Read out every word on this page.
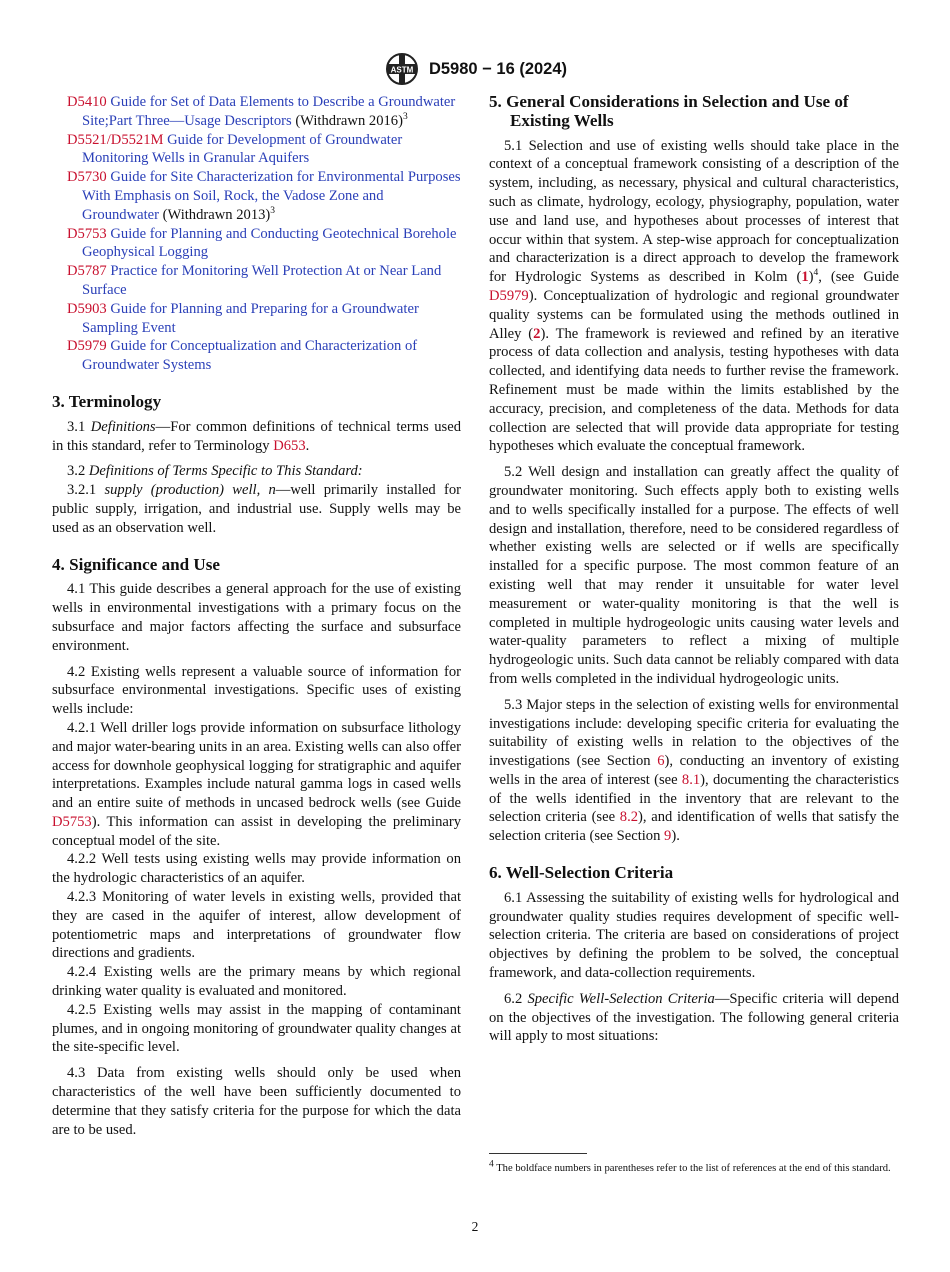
ASTM D5980 − 16 (2024)
D5410 Guide for Set of Data Elements to Describe a Groundwater Site;Part Three—Usage Descriptors (Withdrawn 2016)$^3$
D5521/D5521M Guide for Development of Groundwater Monitoring Wells in Granular Aquifers
D5730 Guide for Site Characterization for Environmental Purposes With Emphasis on Soil, Rock, the Vadose Zone and Groundwater (Withdrawn 2013)$^3$
D5753 Guide for Planning and Conducting Geotechnical Borehole Geophysical Logging
D5787 Practice for Monitoring Well Protection At or Near Land Surface
D5903 Guide for Planning and Preparing for a Groundwater Sampling Event
D5979 Guide for Conceptualization and Characterization of Groundwater Systems
3. Terminology

3.1 Definitions—For common definitions of technical terms used in this standard, refer to Terminology D653.

3.2 Definitions of Terms Specific to This Standard:

3.2.1 supply (production) well, n—well primarily installed for public supply, irrigation, and industrial use. Supply wells may be used as an observation well.

4. Significance and Use

4.1 This guide describes a general approach for the use of existing wells in environmental investigations with a primary focus on the subsurface and major factors affecting the surface and subsurface environment.

4.2 Existing wells represent a valuable source of information for subsurface environmental investigations. Specific uses of existing wells include:

4.2.1 Well driller logs provide information on subsurface lithology and major water-bearing units in an area. Existing wells can also offer access for downhole geophysical logging for stratigraphic and aquifer interpretations. Examples include natural gamma logs in cased wells and an entire suite of methods in uncased bedrock wells (see Guide D5753). This information can assist in developing the preliminary conceptual model of the site.

4.2.2 Well tests using existing wells may provide information on the hydrologic characteristics of an aquifer.

4.2.3 Monitoring of water levels in existing wells, provided that they are cased in the aquifer of interest, allow development of potentiometric maps and interpretations of groundwater flow directions and gradients.

4.2.4 Existing wells are the primary means by which regional drinking water quality is evaluated and monitored.

4.2.5 Existing wells may assist in the mapping of contaminant plumes, and in ongoing monitoring of groundwater quality changes at the site-specific level.

4.3 Data from existing wells should only be used when characteristics of the well have been sufficiently documented to determine that they satisfy criteria for the purpose for which the data are to be used.

5. General Considerations in Selection and Use of Existing Wells

5.1 Selection and use of existing wells should take place in the context of a conceptual framework consisting of a description of the system, including, as necessary, physical and cultural characteristics, such as climate, hydrology, ecology, physiography, population, water use and land use, and hypotheses about processes of interest that occur within that system. A step-wise approach for conceptualization and characterization is a direct approach to develop the framework for Hydrologic Systems as described in Kolm $(1)^4$, (see Guide D5979). Conceptualization of hydrologic and regional groundwater quality systems can be formulated using the methods outlined in Alley (2). The framework is reviewed and refined by an iterative process of data collection and analysis, testing hypotheses with data collected, and identifying data needs to further revise the framework. Refinement must be made within the limits established by the accuracy, precision, and completeness of the data. Methods for data collection are selected that will provide data appropriate for testing hypotheses which evaluate the conceptual framework.

5.2 Well design and installation can greatly affect the quality of groundwater monitoring. Such effects apply both to existing wells and to wells specifically installed for a purpose. The effects of well design and installation, therefore, need to be considered regardless of whether existing wells are selected or if wells are specifically installed for a specific purpose. The most common feature of an existing well that may render it unsuitable for water level measurement or water-quality monitoring is that the well is completed in multiple hydrogeologic units causing water levels and water-quality parameters to reflect a mixing of multiple hydrogeologic units. Such data cannot be reliably compared with data from wells completed in the individual hydrogeologic units.

5.3 Major steps in the selection of existing wells for environmental investigations include: developing specific criteria for evaluating the suitability of existing wells in relation to the objectives of the investigations (see Section 6), conducting an inventory of existing wells in the area of interest (see 8.1), documenting the characteristics of the wells identified in the inventory that are relevant to the selection criteria (see 8.2), and identification of wells that satisfy the selection criteria (see Section 9).

6. Well-Selection Criteria

6.1 Assessing the suitability of existing wells for hydrological and groundwater quality studies requires development of specific well-selection criteria. The criteria are based on considerations of project objectives by defining the problem to be solved, the conceptual framework, and data-collection requirements.

6.2 Specific Well-Selection Criteria—Specific criteria will depend on the objectives of the investigation. The following general criteria will apply to most situations:

$^4$ The boldface numbers in parentheses refer to the list of references at the end of this standard.
2
